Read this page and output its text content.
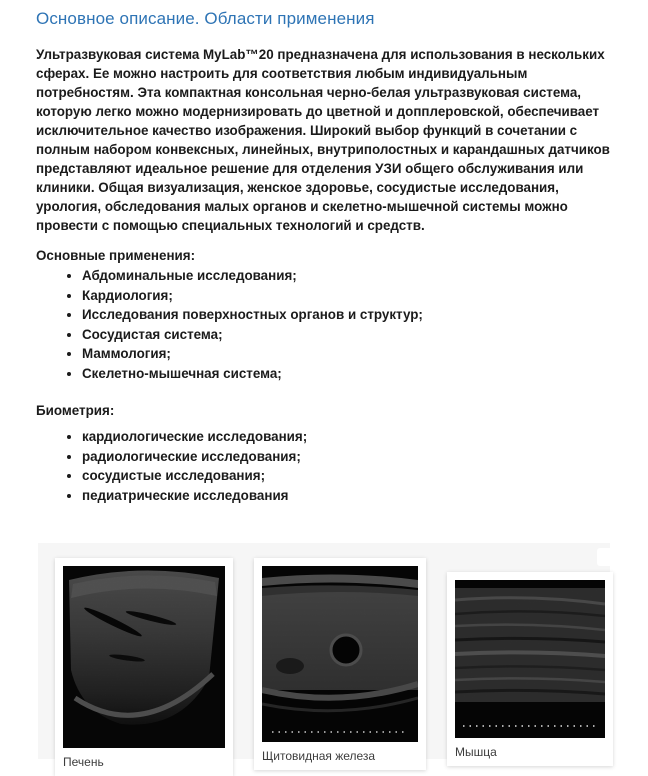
Основное описание. Области применения

Ультразвуковая система MyLab™20 предназначена для использования в нескольких сферах. Ее можно настроить для соответствия любым индивидуальным потребностям. Эта компактная консольная черно-белая ультразвуковая система, которую легко можно модернизировать до цветной и допплеровской, обеспечивает исключительное качество изображения. Широкий выбор функций в сочетании с полным набором конвексных, линейных, внутриполостных и карандашных датчиков представляют идеальное решение для отделения УЗИ общего обслуживания или клиники. Общая визуализация, женское здоровье, сосудистые исследования, урология, обследования малых органов и скелетно-мышечной системы можно провести с помощью специальных технологий и средств.

Основные применения:
• Абдоминальные исследования;
• Кардиология;
• Исследования поверхностных органов и структур;
• Сосудистая система;
• Маммология;
• Скелетно-мышечная система;
Биометрия:
• кардиологические исследования;
• радиологические исследования;
• сосудистые исследования;
• педиатрические исследования
Печень	Щитовидная железа	Мышца
